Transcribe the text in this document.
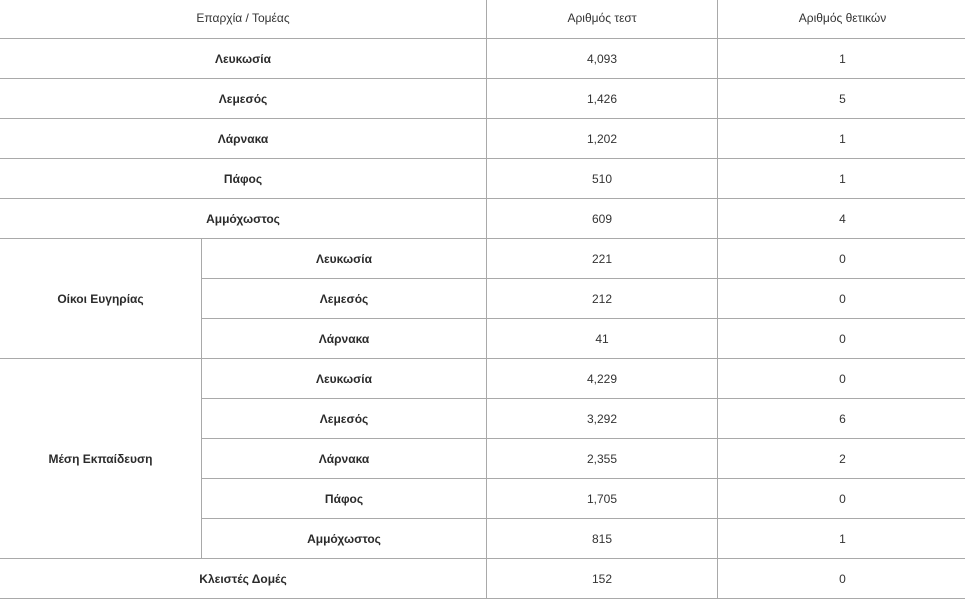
Επαρχία / Τομέας		Αριθμός τεστ	Αριθμός θετικών
Λευκωσία		4,093	1
Λεμεσός		1,426	5
Λάρνακα		1,202	1
Πάφος		510	1
Αμμόχωστος		609	4
Οίκοι Ευγηρίας	Λευκωσία	221	0
	Λεμεσός	212	0
	Λάρνακα	41	0
Μέση Εκπαίδευση	Λευκωσία	4,229	0
	Λεμεσός	3,292	6
	Λάρνακα	2,355	2
	Πάφος	1,705	0
	Αμμόχωστος	815	1
Κλειστές Δομές		152	0
